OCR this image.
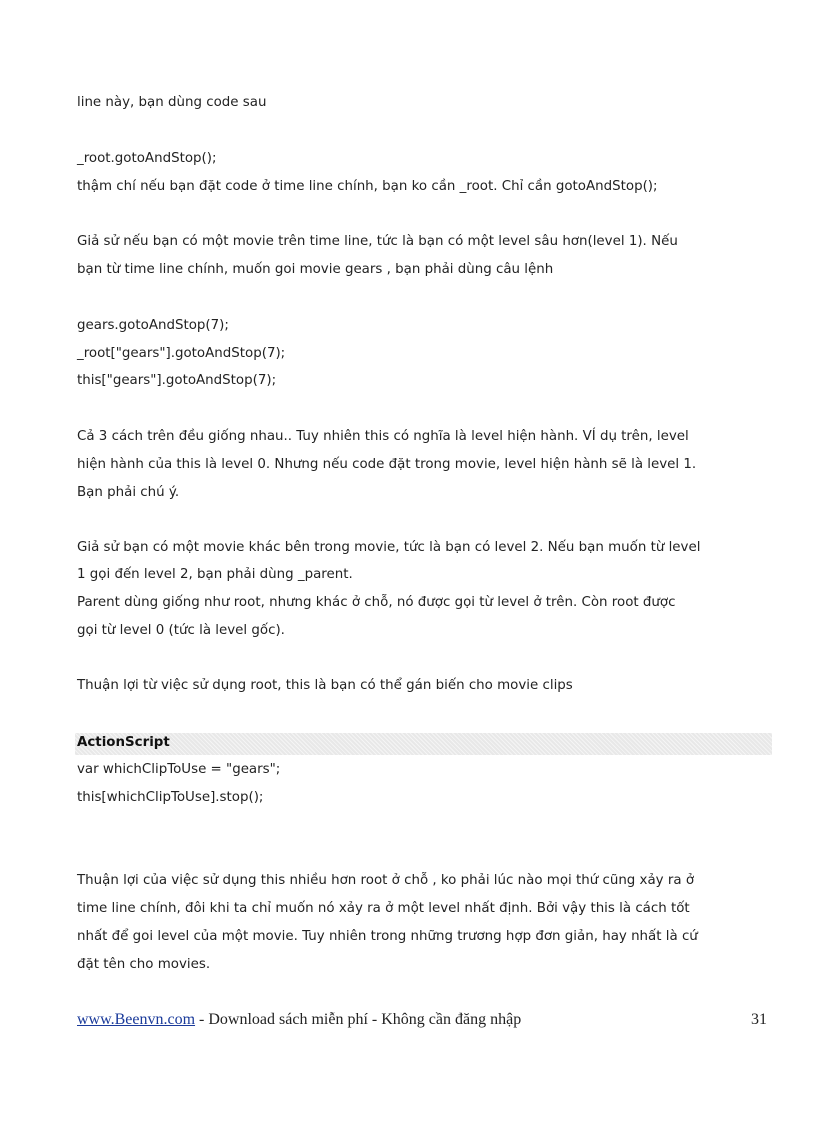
line này, bạn dùng code sau
_root.gotoAndStop();
thậm chí nếu bạn đặt code ở time line chính, bạn ko cần _root. Chỉ cần gotoAndStop();
Giả sử nếu bạn có một movie trên time line, tức là bạn có một level sâu hơn(level 1). Nếu
bạn từ time line chính, muốn goi movie gears , bạn phải dùng câu lệnh
gears.gotoAndStop(7);
_root["gears"].gotoAndStop(7);
this["gears"].gotoAndStop(7);
Cả 3 cách trên đều giống nhau.. Tuy nhiên this có nghĩa là level hiện hành. VÍ dụ trên, level
hiện hành của this là level 0. Nhưng nếu code đặt trong movie, level hiện hành sẽ là level 1.
Bạn phải chú ý.
Giả sử bạn có một movie khác bên trong movie, tức là bạn có level 2. Nếu bạn muốn từ level
1 gọi đến level 2, bạn phải dùng _parent.
Parent dùng giống như root, nhưng khác ở chỗ, nó được gọi từ level ở trên. Còn root được
gọi từ level 0 (tức là level gốc).
Thuận lợi từ việc sử dụng root, this là bạn có thể gán biến cho movie clips
ActionScript
var whichClipToUse = "gears";
this[whichClipToUse].stop();
Thuận lợi của việc sử dụng this nhiều hơn root ở chỗ , ko phải lúc nào mọi thứ cũng xảy ra ở
time line chính, đôi khi ta chỉ muốn nó xảy ra ở một level nhất định. Bởi vậy this là cách tốt
nhất để goi level của một movie. Tuy nhiên trong những trương hợp đơn giản, hay nhất là cứ
đặt tên cho movies.
www.Beenvn.com - Download sách miễn phí - Không cần đăng nhập	31
